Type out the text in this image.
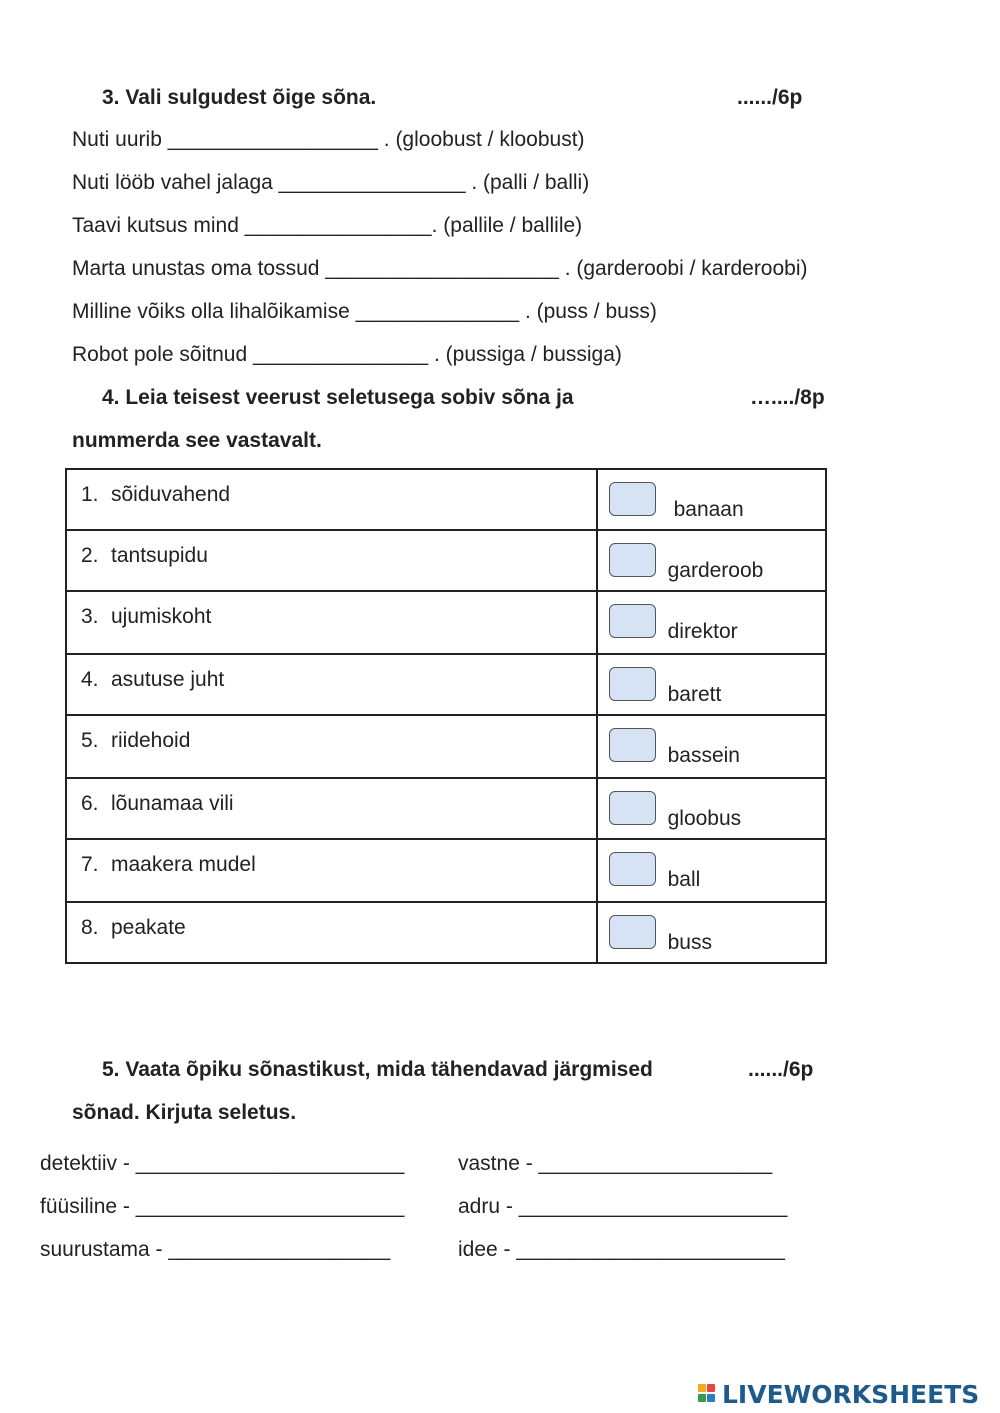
3. Vali sulgudest õige sõna.	....../6p
Nuti uurib __________________ . (gloobust / kloobust)
Nuti lööb vahel jalaga ________________ . (palli / balli)
Taavi kutsus mind ________________. (pallile / ballile)
Marta unustas oma tossud ____________________ . (garderoobi / karderoobi)
Milline võiks olla lihalõikamise ______________ . (puss / buss)
Robot pole sõitnud _______________ . (pussiga / bussiga)
4. Leia teisest veerust seletusega sobiv sõna ja	…..../8p
nummerda see vastavalt.
1. sõiduvahend	banaan

2. tantsupidu	garderoob

3. ujumiskoht	direktor

4. asutuse juht	barett

5. riidehoid	bassein

6. lõunamaa vili	gloobus

7. maakera mudel	ball

8. peakate	buss
5. Vaata õpiku sõnastikust, mida tähendavad järgmised	....../6p
sõnad. Kirjuta seletus.
detektiiv - _______________________
füüsiline - _______________________
suurustama - ___________________
vastne - ____________________
adru - _______________________
idee - _______________________
LIVEWORKSHEETS
